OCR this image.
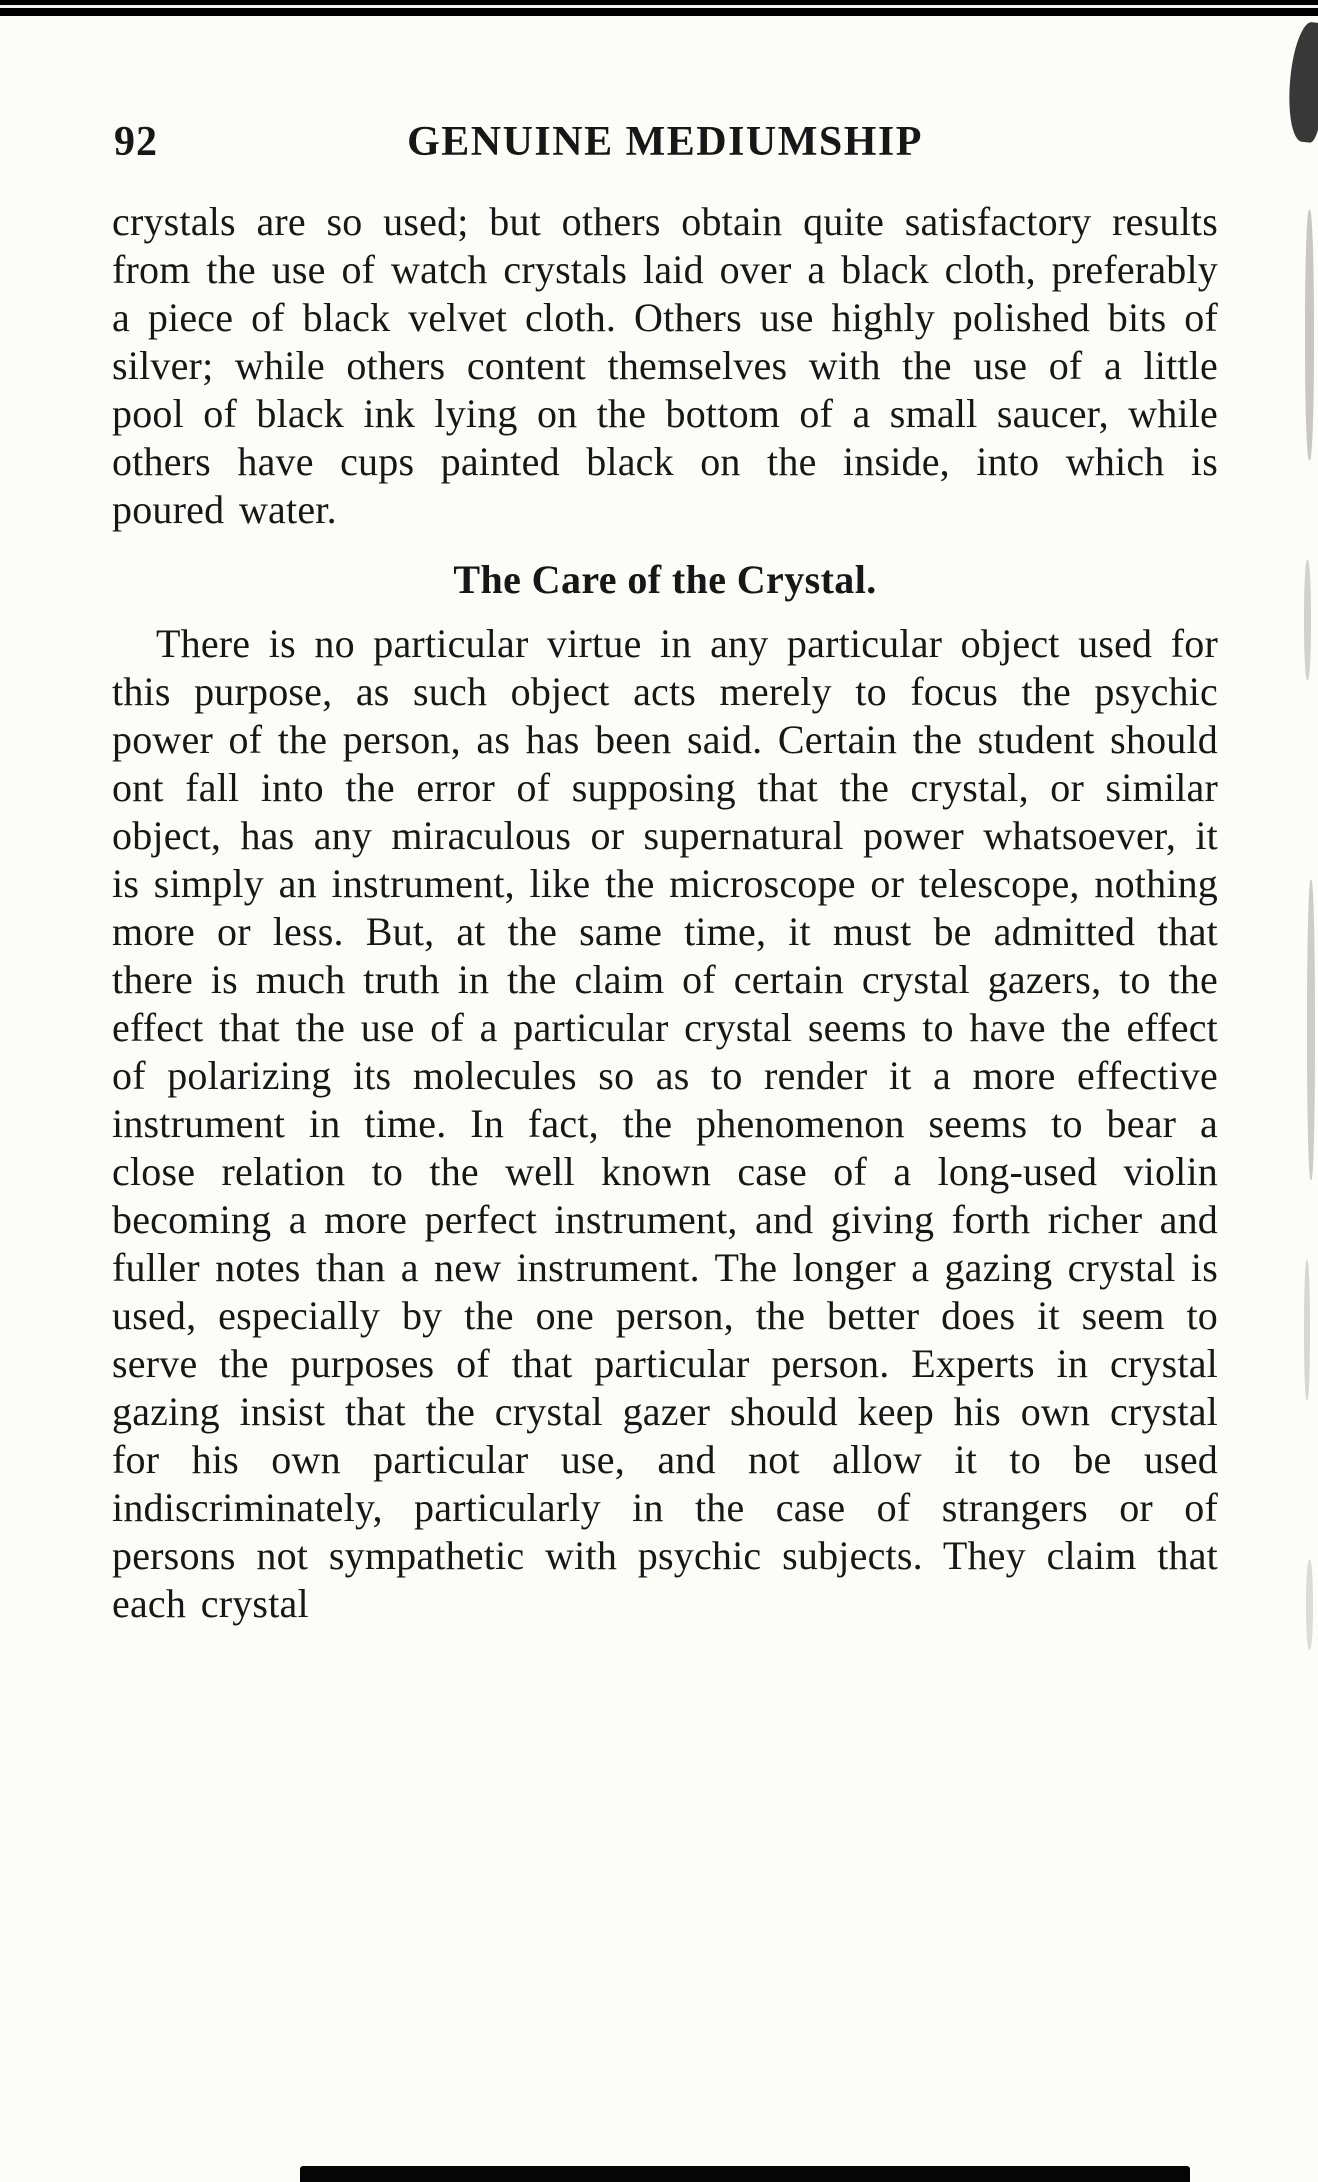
92	GENUINE MEDIUMSHIP

crystals are so used; but others obtain quite satisfactory results from the use of watch crystals laid over a black cloth, preferably a piece of black velvet cloth. Others use highly polished bits of silver; while others content themselves with the use of a little pool of black ink lying on the bottom of a small saucer, while others have cups painted black on the inside, into which is poured water.

The Care of the Crystal.

There is no particular virtue in any particular object used for this purpose, as such object acts merely to focus the psychic power of the person, as has been said. Certain the student should ont fall into the error of supposing that the crystal, or similar object, has any miraculous or supernatural power whatsoever, it is simply an instrument, like the microscope or telescope, nothing more or less. But, at the same time, it must be admitted that there is much truth in the claim of certain crystal gazers, to the effect that the use of a particular crystal seems to have the effect of polarizing its molecules so as to render it a more effective instrument in time. In fact, the phenomenon seems to bear a close relation to the well known case of a long-used violin becoming a more perfect instrument, and giving forth richer and fuller notes than a new instrument. The longer a gazing crystal is used, especially by the one person, the better does it seem to serve the purposes of that particular person. Experts in crystal gazing insist that the crystal gazer should keep his own crystal for his own particular use, and not allow it to be used indiscriminately, particularly in the case of strangers or of persons not sympathetic with psychic subjects. They claim that each crystal
